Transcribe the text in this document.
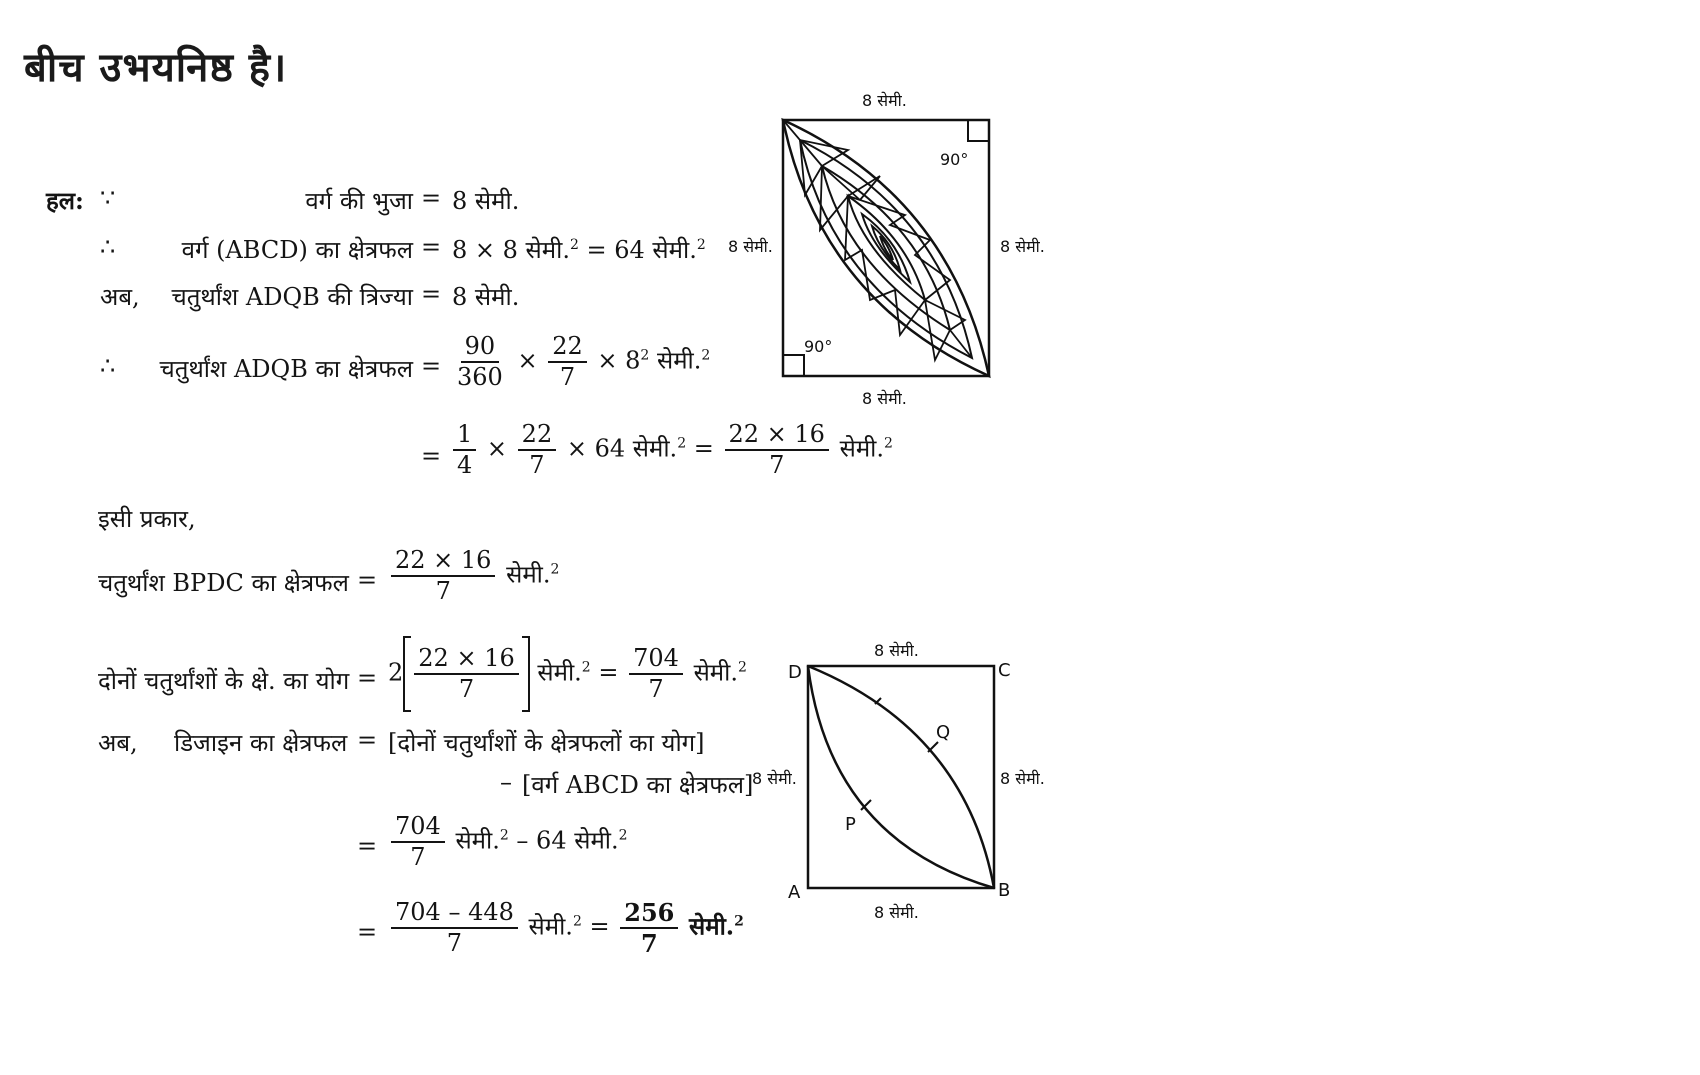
बीच उभयनिष्ठ है।
हल: ∵	वर्ग की भुजा = 8 सेमी.
∴	वर्ग (ABCD) का क्षेत्रफल = 8 × 8 सेमी.$^2$ = 64 सेमी.$^2$
अब, चतुर्थांश ADQB की त्रिज्या = 8 सेमी.
∴ चतुर्थांश ADQB का क्षेत्रफल = $\frac{90}{360} \times \frac{22}{7} \times 8^2$ सेमी.$^2$
= $\frac{1}{4} \times \frac{22}{7} \times 64$ सेमी.$^2$ = $\frac{22 \times 16}{7}$ सेमी.$^2$
इसी प्रकार,
चतुर्थांश BPDC का क्षेत्रफल = $\frac{22 \times 16}{7}$ सेमी.$^2$
दोनों चतुर्थांशों के क्षे. का योग = $2 \frac{22 \times 16}{7}$ सेमी.$^2$ = $\frac{704}{7}$ सेमी.$^2$
अब, डिजाइन का क्षेत्रफल = [दोनों चतुर्थांशों के क्षेत्रफलों का योग]
– [वर्ग ABCD का क्षेत्रफल]
= $\frac{704}{7}$ सेमी.$^2$ – 64 सेमी.$^2$
= $\frac{704 - 448}{7}$ सेमी.$^2$ = $\frac{256}{7}$ सेमी.$^2$
8 सेमी.
8 सेमी.
8 सेमी.	8 सेमी.
90°
90°
8 सेमी.
8 सेमी.
8 सेमी.	8 सेमी.
D	C
A	B
Q
P
